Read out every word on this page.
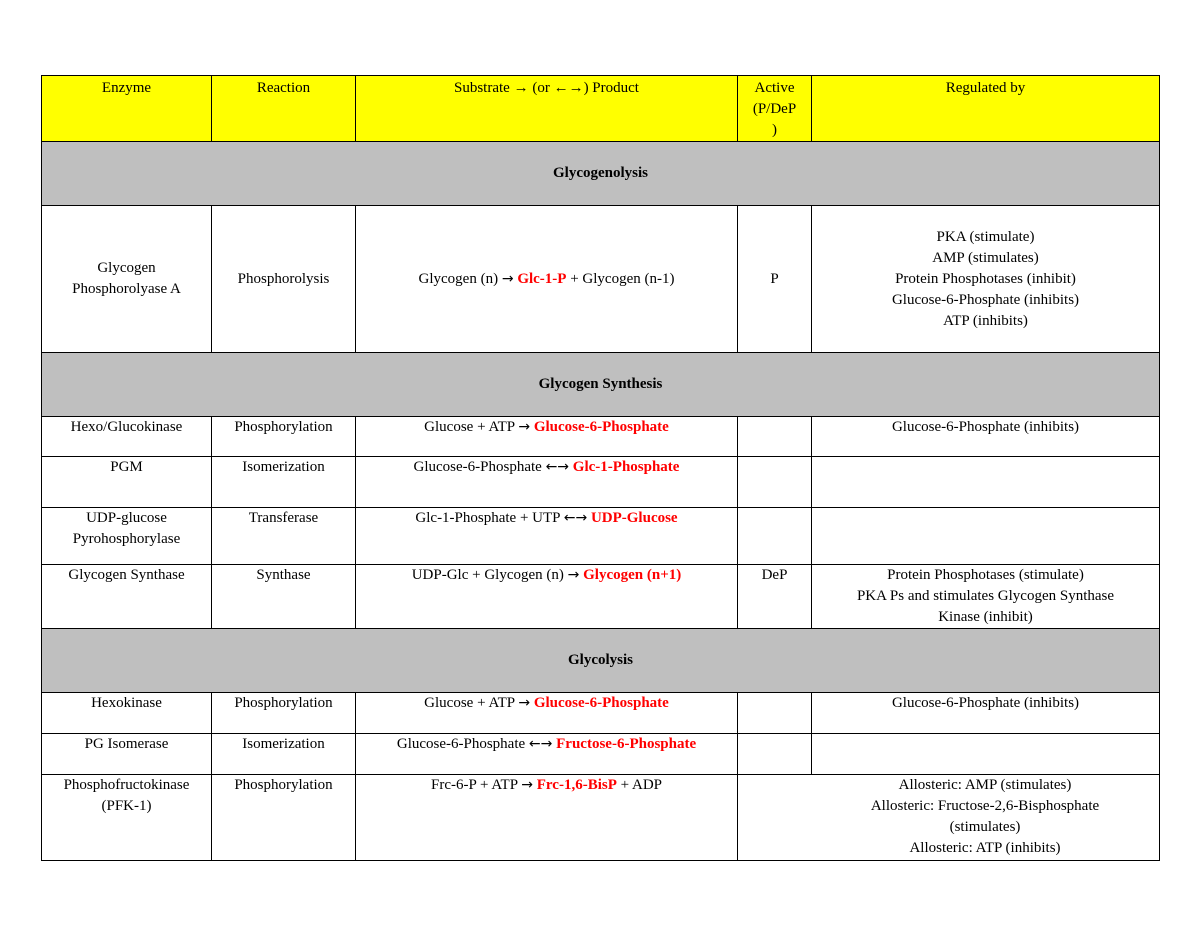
Enzyme	Reaction	Substrate → (or ←→) Product	Active
(P/DeP
)	Regulated by
Glycogenolysis				

Glycogen
Phosphorolyase A	Phosphorolysis	Glycogen (n) → Glc-1-P + Glycogen (n-1)	P	PKA (stimulate)
AMP (stimulates)
Protein Phosphotases (inhibit)
Glucose-6-Phosphate (inhibits)
ATP (inhibits)

Glycogen Synthesis				
Hexo/Glucokinase	Phosphorylation	Glucose + ATP → Glucose-6-Phosphate		Glucose-6-Phosphate (inhibits)
PGM	Isomerization	Glucose-6-Phosphate ←→ Glc-1-Phosphate		

UDP-glucose
Pyrohosphorylase	Transferase	Glc-1-Phosphate + UTP ←→ UDP-Glucose		
Glycogen Synthase	Synthase	UDP-Glc + Glycogen (n) → Glycogen (n+1)	DeP	Protein Phosphotases (stimulate)
PKA Ps and stimulates Glycogen Synthase
Kinase (inhibit)

Glycolysis				
Hexokinase	Phosphorylation	Glucose + ATP → Glucose-6-Phosphate		Glucose-6-Phosphate (inhibits)
PG Isomerase	Isomerization	Glucose-6-Phosphate ←→ Fructose-6-Phosphate		

Phosphofructokinase
(PFK-1)	Phosphorylation	Frc-6-P + ATP → Frc-1,6-BisP + ADP	Allosteric: AMP (stimulates)
Allosteric: Fructose-2,6-Bisphosphate
(stimulates)
Allosteric: ATP (inhibits)	
